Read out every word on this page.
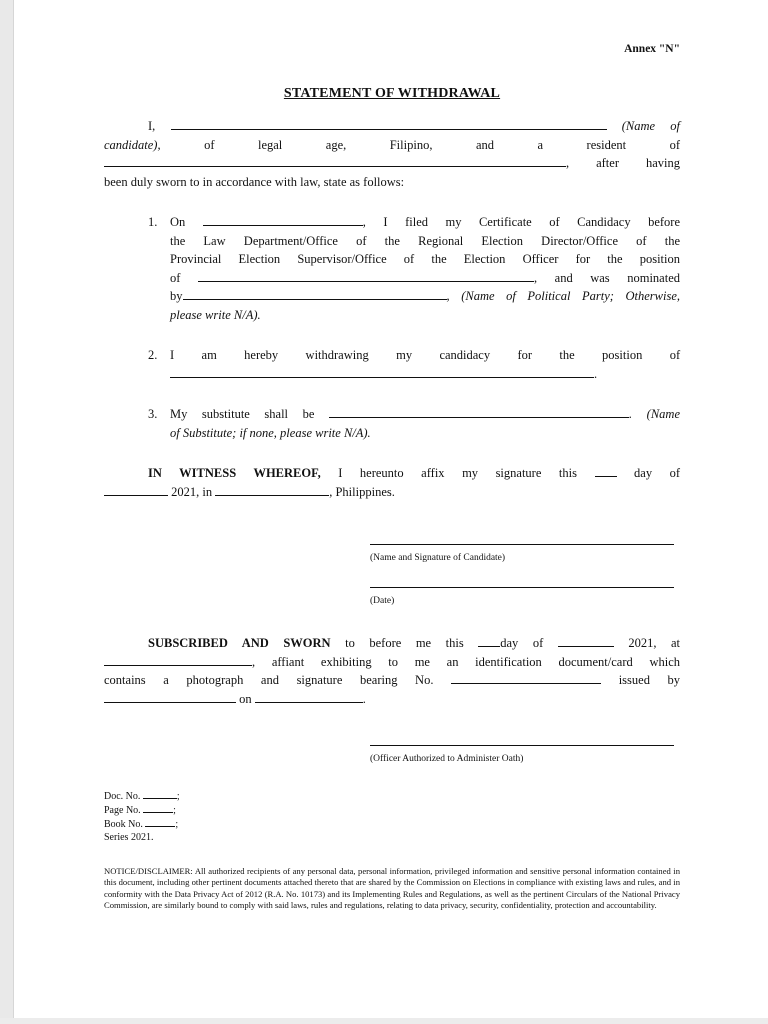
Annex "N"
STATEMENT OF WITHDRAWAL
I,	(Name of
candidate),	of	legal	age,	Filipino,	and	a	resident	of
, after having
been duly sworn to in accordance with law, state as follows:
1. On	, I filed my Certificate of Candidacy before
the Law Department/Office of the Regional Election Director/Office of the
Provincial Election Supervisor/Office of the Election Officer for the position
of	, and was nominated
by	, (Name of Political Party; Otherwise,
please write N/A).
2. I am hereby withdrawing my candidacy for the position of
.
3. My substitute shall be	. (Name
of Substitute; if none, please write N/A).
IN WITNESS WHEREOF, I hereunto affix my signature this	day of
2021, in	, Philippines.
(Name and Signature of Candidate)
(Date)
SUBSCRIBED AND SWORN to before me this	day of	2021, at
, affiant exhibiting to me an identification document/card which
contains a photograph and signature bearing No.	issued by
on	.
(Officer Authorized to Administer Oath)
Doc. No.	;
Page No.	;
Book No.	;
Series 2021.
NOTICE/DISCLAIMER: All authorized recipients of any personal data, personal information, privileged information and sensitive personal information contained in this document, including other pertinent documents attached thereto that are shared by the Commission on Elections in compliance with existing laws and rules, and in conformity with the Data Privacy Act of 2012 (R.A. No. 10173) and its Implementing Rules and Regulations, as well as the pertinent Circulars of the National Privacy Commission, are similarly bound to comply with said laws, rules and regulations, relating to data privacy, security, confidentiality, protection and accountability.
